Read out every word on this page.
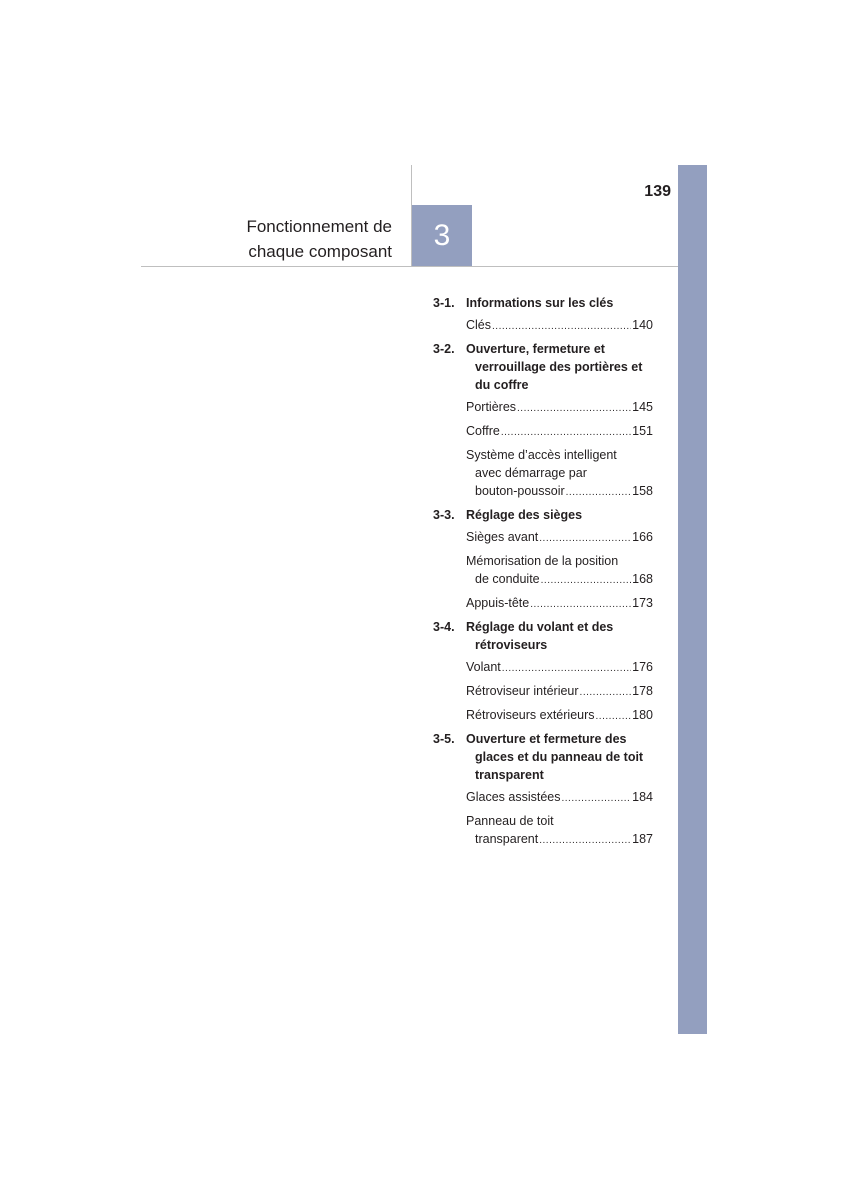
139
Fonctionnement de
chaque composant	3
3-1. Informations sur les clés
Clés .....	140
3-2. Ouverture, fermeture et
verrouillage des portières et
du coffre
Portières .....	145
Coffre .....	151
Système d’accès intelligent
avec démarrage par
bouton-poussoir .....	158
3-3. Réglage des sièges
Sièges avant .....	166
Mémorisation de la position
de conduite .....	168
Appuis-tête .....	173
3-4. Réglage du volant et des
rétroviseurs
Volant .....	176
Rétroviseur intérieur .....	178
Rétroviseurs extérieurs .....	180
3-5. Ouverture et fermeture des
glaces et du panneau de toit
transparent
Glaces assistées .....	184
Panneau de toit
transparent .....	187
